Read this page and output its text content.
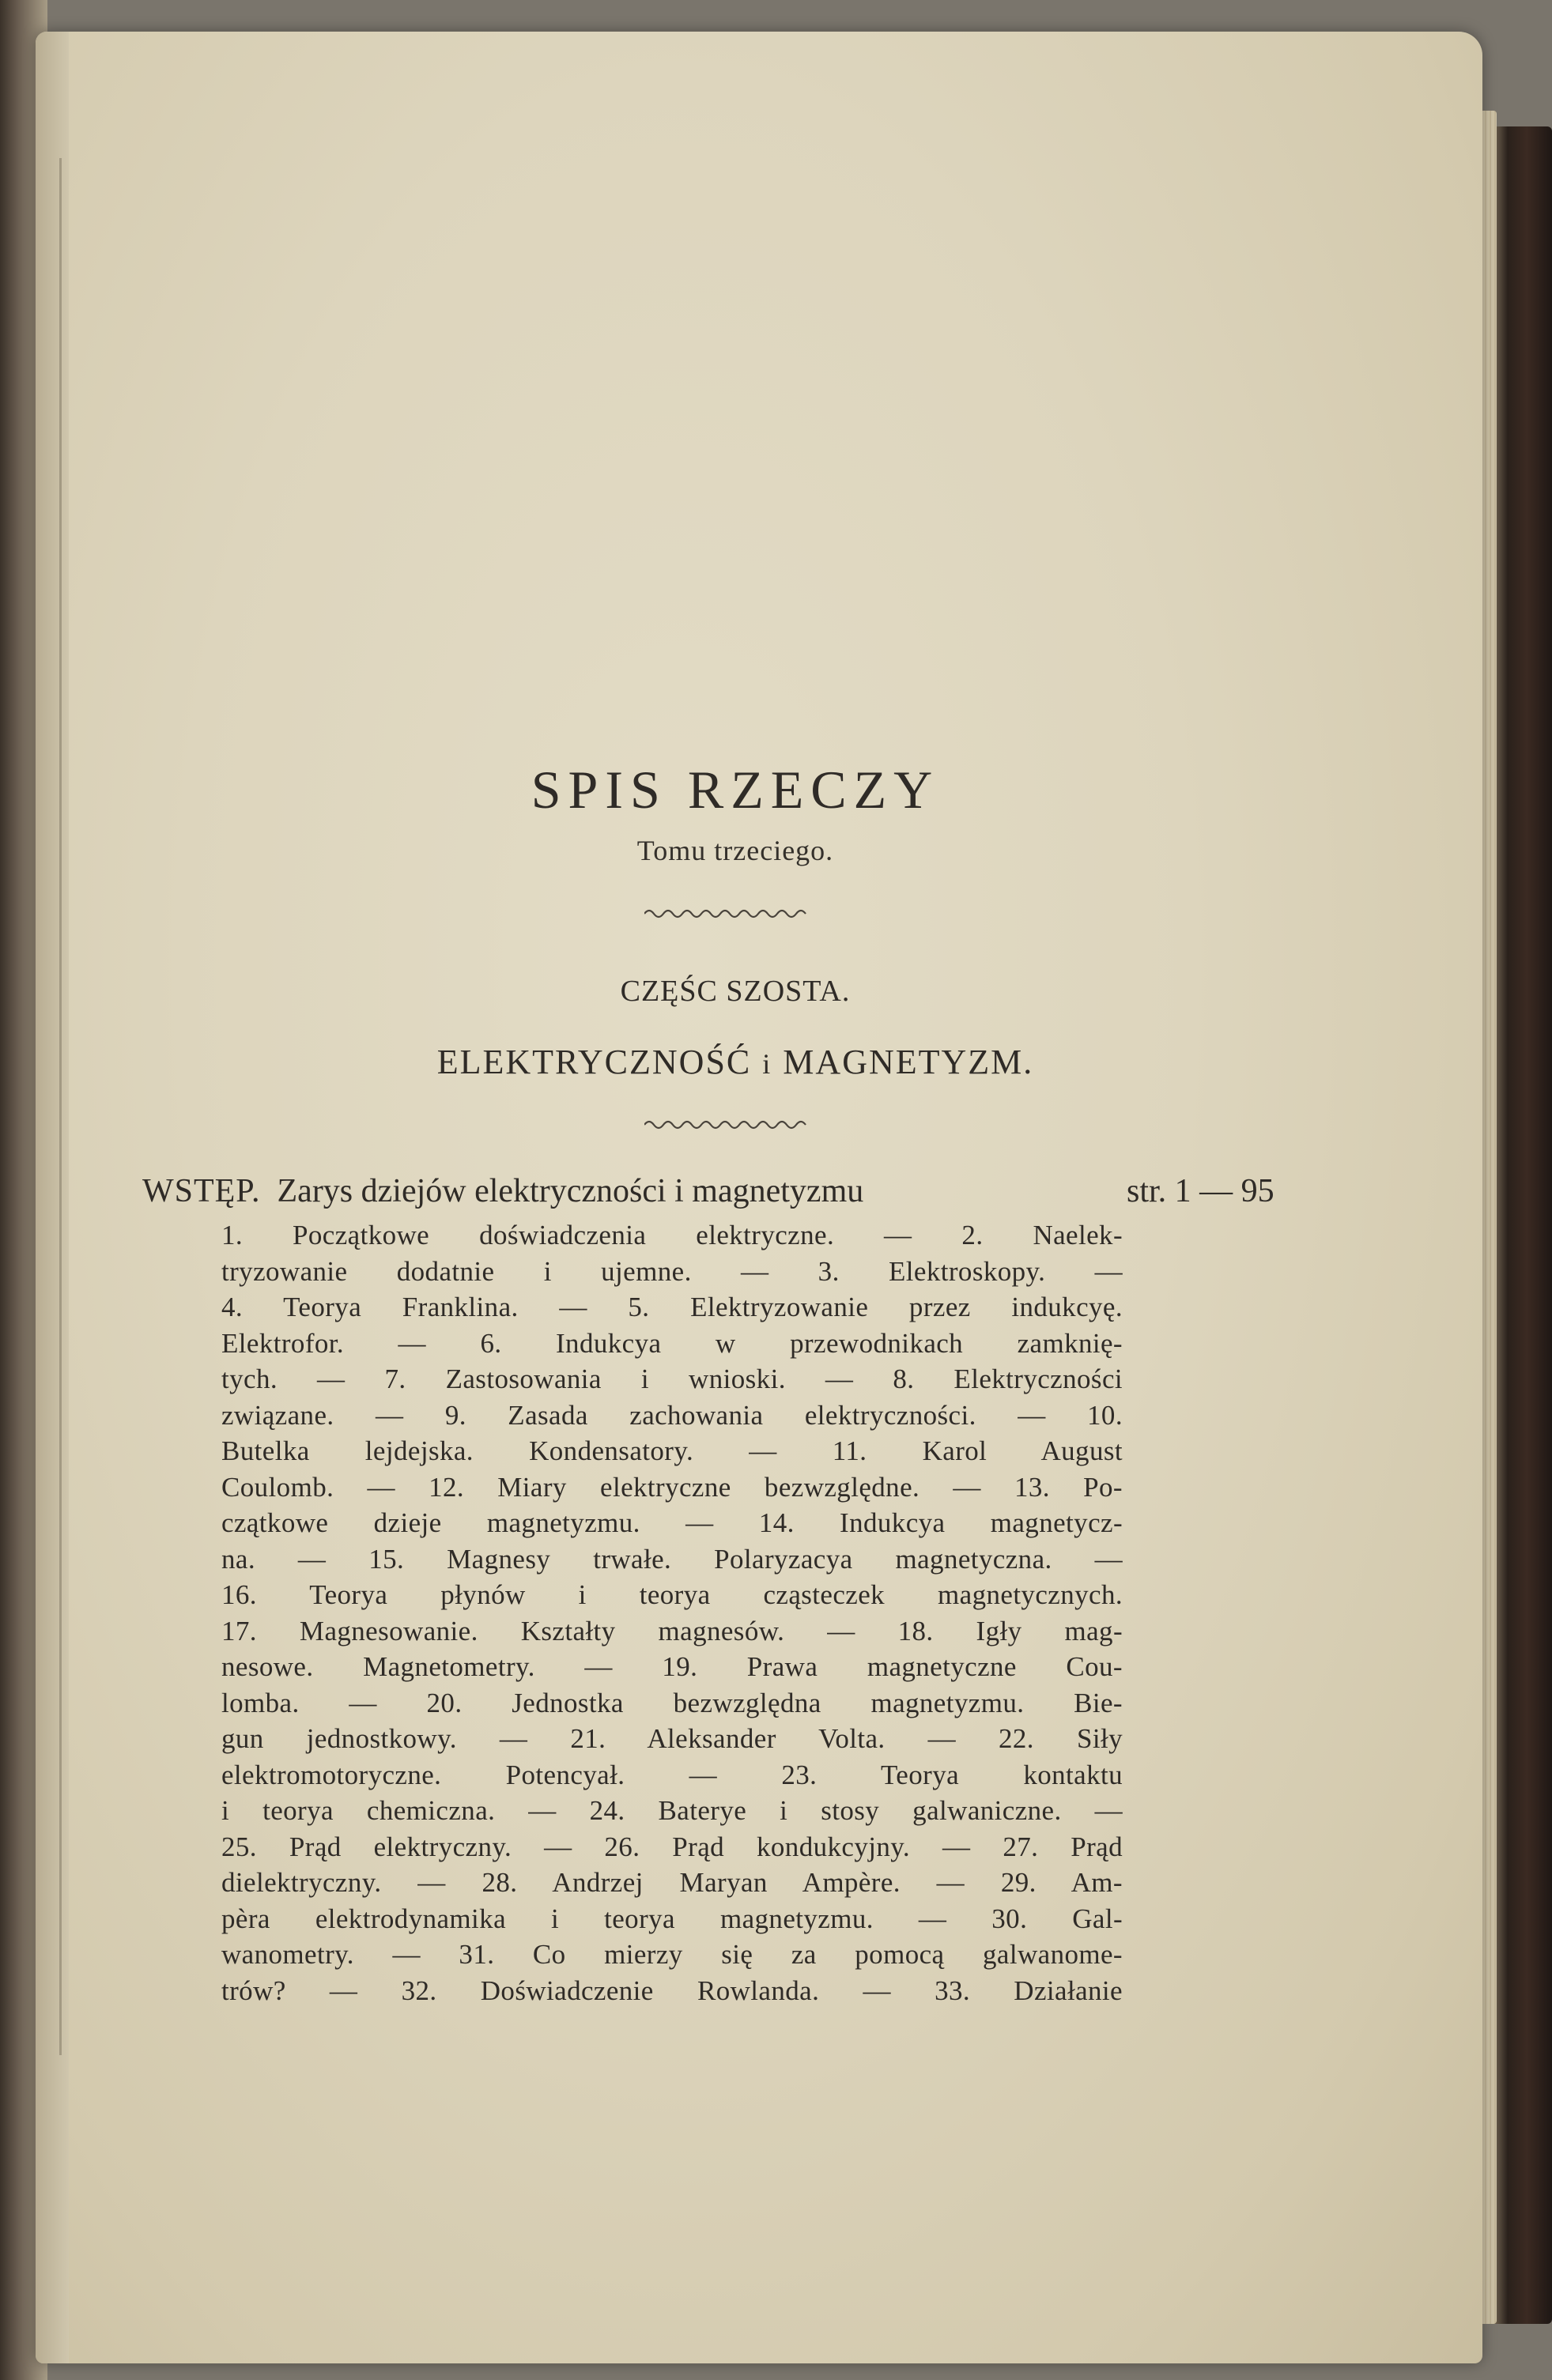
SPIS RZECZY
Tomu trzeciego.
CZĘŚC SZOSTA.
ELEKTRYCZNOŚĆ i MAGNETYZM.
WSTĘP. Zarys dziejów elektryczności i magnetyzmu	str. 1 — 95
1. Początkowe doświadczenia elektryczne. — 2. Naelek-
tryzowanie dodatnie i ujemne. — 3. Elektroskopy. —
4. Teorya Franklina. — 5. Elektryzowanie przez indukcyę.
Elektrofor. — 6. Indukcya w przewodnikach zamknię-
tych. — 7. Zastosowania i wnioski. — 8. Elektryczności
związane. — 9. Zasada zachowania elektryczności. — 10.
Butelka lejdejska. Kondensatory. — 11. Karol August
Coulomb. — 12. Miary elektryczne bezwzględne. — 13. Po-
czątkowe dzieje magnetyzmu. — 14. Indukcya magnetycz-
na. — 15. Magnesy trwałe. Polaryzacya magnetyczna. —
16. Teorya płynów i teorya cząsteczek magnetycznych.
17. Magnesowanie. Kształty magnesów. — 18. Igły mag-
nesowe. Magnetometry. — 19. Prawa magnetyczne Cou-
lomba. — 20. Jednostka bezwzględna magnetyzmu. Bie-
gun jednostkowy. — 21. Aleksander Volta. — 22. Siły
elektromotoryczne. Potencyał. — 23. Teorya kontaktu
i teorya chemiczna. — 24. Baterye i stosy galwaniczne. —
25. Prąd elektryczny. — 26. Prąd kondukcyjny. — 27. Prąd
dielektryczny. — 28. Andrzej Maryan Ampère. — 29. Am-
pèra elektrodynamika i teorya magnetyzmu. — 30. Gal-
wanometry. — 31. Co mierzy się za pomocą galwanome-
trów? — 32. Doświadczenie Rowlanda. — 33. Działanie
